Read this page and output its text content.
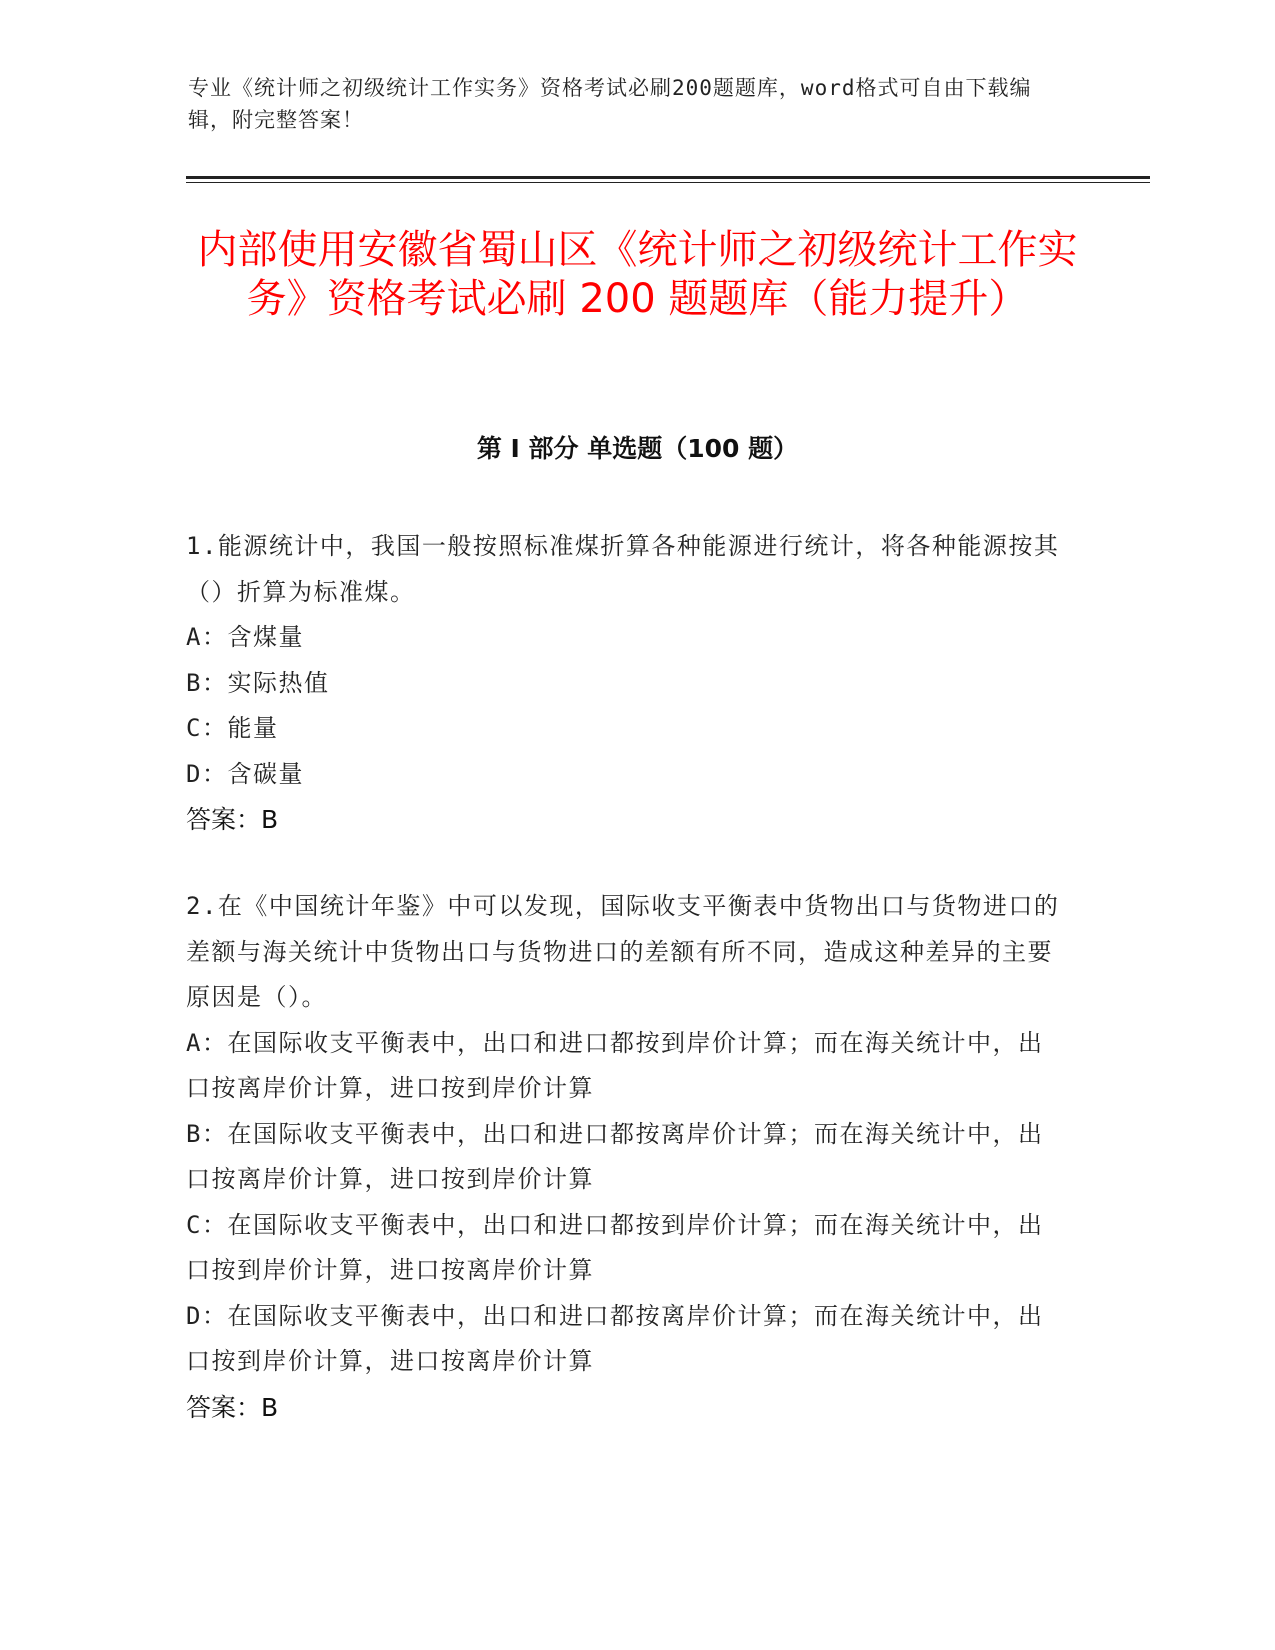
专业《统计师之初级统计工作实务》资格考试必刷200题题库，word格式可自由下载编辑，附完整答案！
内部使用安徽省蜀山区《统计师之初级统计工作实务》资格考试必刷 200 题题库（能力提升）
第 I 部分 单选题（100 题）

1.能源统计中，我国一般按照标准煤折算各种能源进行统计，将各种能源按其（）折算为标准煤。

A：含煤量

B：实际热值

C：能量

D：含碳量

答案：B

2.在《中国统计年鉴》中可以发现，国际收支平衡表中货物出口与货物进口的差额与海关统计中货物出口与货物进口的差额有所不同，造成这种差异的主要原因是（）。

A：在国际收支平衡表中，出口和进口都按到岸价计算；而在海关统计中，出口按离岸价计算，进口按到岸价计算

B：在国际收支平衡表中，出口和进口都按离岸价计算；而在海关统计中，出口按离岸价计算，进口按到岸价计算

C：在国际收支平衡表中，出口和进口都按到岸价计算；而在海关统计中，出口按到岸价计算，进口按离岸价计算

D：在国际收支平衡表中，出口和进口都按离岸价计算；而在海关统计中，出口按到岸价计算，进口按离岸价计算

答案：B
